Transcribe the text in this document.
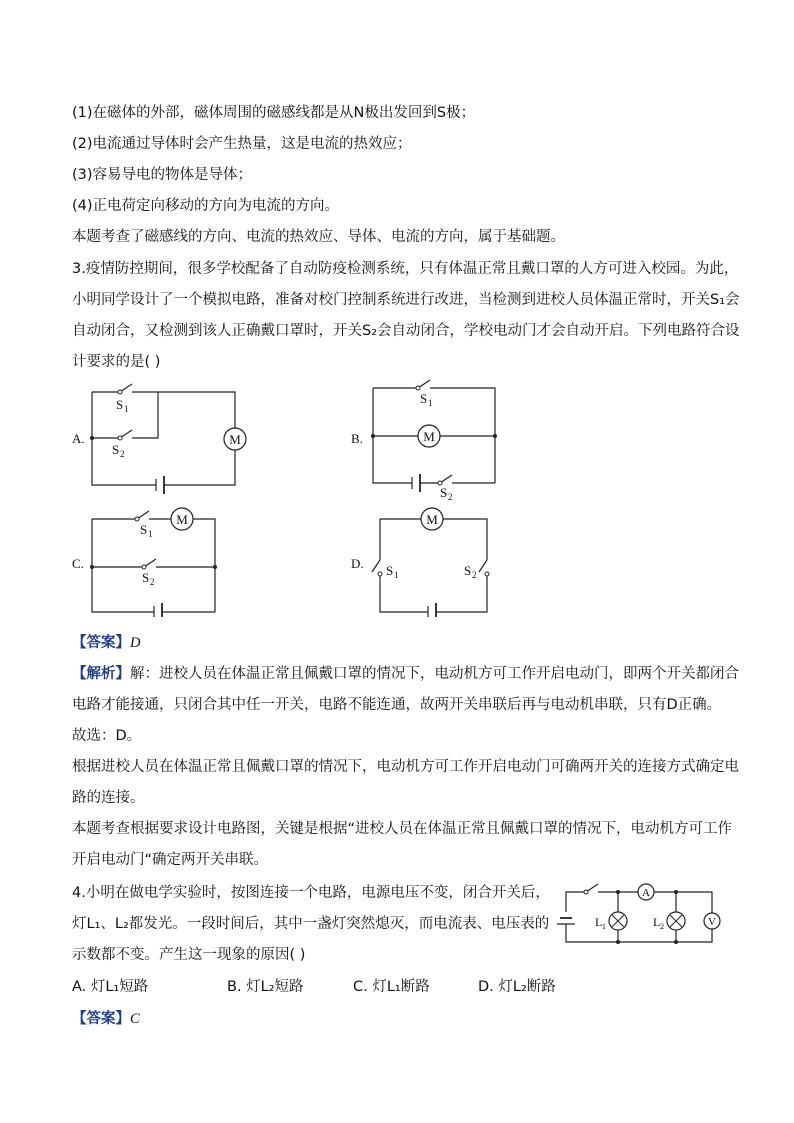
(1)在磁体的外部，磁体周围的磁感线都是从N极出发回到S极；
(2)电流通过导体时会产生热量，这是电流的热效应；
(3)容易导电的物体是导体；
(4)正电荷定向移动的方向为电流的方向。
本题考查了磁感线的方向、电流的热效应、导体、电流的方向，属于基础题。
3.疫情防控期间，很多学校配备了自动防疫检测系统，只有体温正常且戴口罩的人方可进入校园。为此，
小明同学设计了一个模拟电路，准备对校门控制系统进行改进，当检测到进校人员体温正常时，开关S₁会
自动闭合，又检测到该人正确戴口罩时，开关S₂会自动闭合，学校电动门才会自动开启。下列电路符合设
计要求的是( )
M
S 1
S 2
A.	M
S 1
S 2
B.
M
S 1
S 2
C.
M
S 1	S 2
D.
【答案】D
【解析】解：进校人员在体温正常且佩戴口罩的情况下，电动机方可工作开启电动门，即两个开关都闭合
电路才能接通，只闭合其中任一开关，电路不能连通，故两开关串联后再与电动机串联，只有D正确。
故选：D。
根据进校人员在体温正常且佩戴口罩的情况下，电动机方可工作开启电动门可确两开关的连接方式确定电
路的连接。
本题考查根据要求设计电路图，关键是根据“进校人员在体温正常且佩戴口罩的情况下，电动机方可工作
开启电动门“确定两开关串联。
4.小明在做电学实验时，按图连接一个电路，电源电压不变，闭合开关后，
灯L₁、L₂都发光。一段时间后，其中一盏灯突然熄灭，而电流表、电压表的
示数都不变。产生这一现象的原因( )
A
V
L 1	L 2
A. 灯L₁短路	B. 灯L₂短路	C. 灯L₁断路	D. 灯L₂断路
【答案】C
